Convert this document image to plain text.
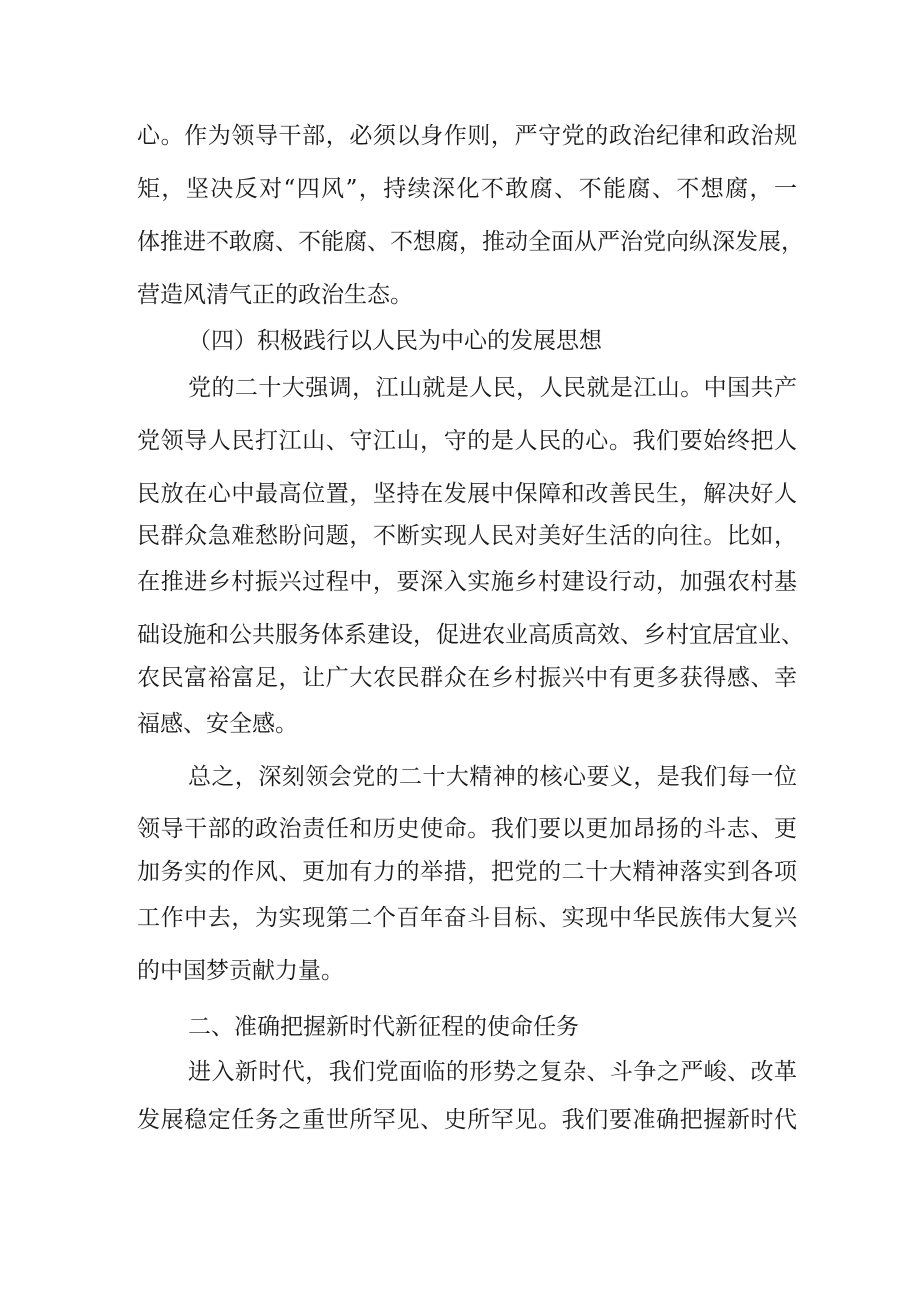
心。作为领导干部，必须以身作则，严守党的政治纪律和政治规
矩，坚决反对“四风”，持续深化不敢腐、不能腐、不想腐，一
体推进不敢腐、不能腐、不想腐，推动全面从严治党向纵深发展，
营造风清气正的政治生态。
（四）积极践行以人民为中心的发展思想
党的二十大强调，江山就是人民，人民就是江山。中国共产
党领导人民打江山、守江山，守的是人民的心。我们要始终把人
民放在心中最高位置，坚持在发展中保障和改善民生，解决好人
民群众急难愁盼问题，不断实现人民对美好生活的向往。比如，
在推进乡村振兴过程中，要深入实施乡村建设行动，加强农村基
础设施和公共服务体系建设，促进农业高质高效、乡村宜居宜业、
农民富裕富足，让广大农民群众在乡村振兴中有更多获得感、幸
福感、安全感。
总之，深刻领会党的二十大精神的核心要义，是我们每一位
领导干部的政治责任和历史使命。我们要以更加昂扬的斗志、更
加务实的作风、更加有力的举措，把党的二十大精神落实到各项
工作中去，为实现第二个百年奋斗目标、实现中华民族伟大复兴
的中国梦贡献力量。
二、准确把握新时代新征程的使命任务
进入新时代，我们党面临的形势之复杂、斗争之严峻、改革
发展稳定任务之重世所罕见、史所罕见。我们要准确把握新时代
